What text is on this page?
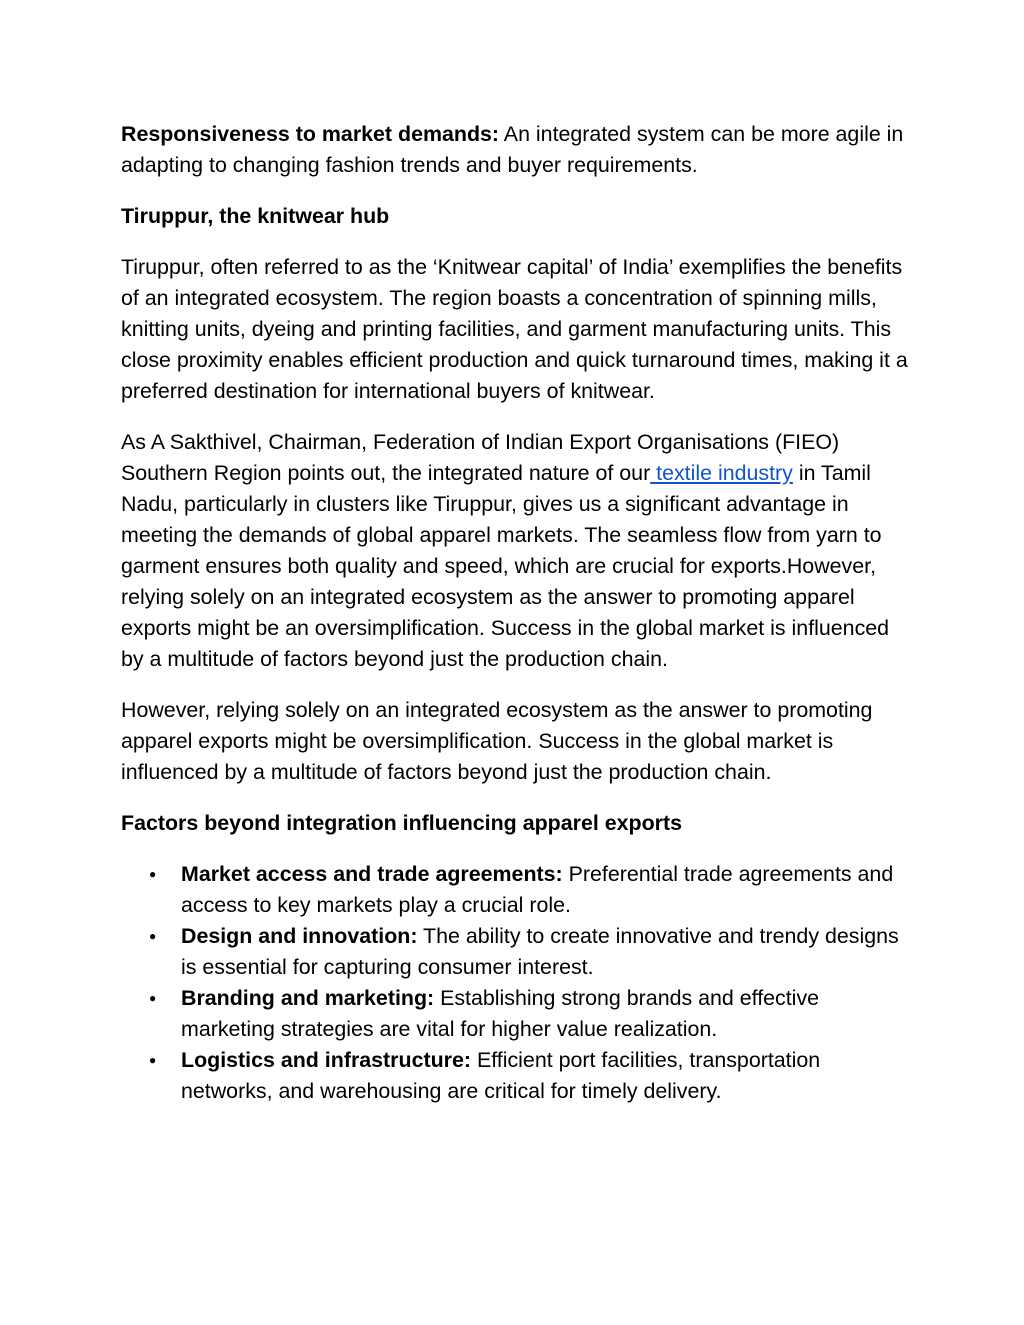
Responsiveness to market demands: An integrated system can be more agile in adapting to changing fashion trends and buyer requirements.

Tiruppur, the knitwear hub

Tiruppur, often referred to as the ‘Knitwear capital’ of India’ exemplifies the benefits of an integrated ecosystem. The region boasts a concentration of spinning mills, knitting units, dyeing and printing facilities, and garment manufacturing units. This close proximity enables efficient production and quick turnaround times, making it a preferred destination for international buyers of knitwear.

As A Sakthivel, Chairman, Federation of Indian Export Organisations (FIEO) Southern Region points out, the integrated nature of our textile industry in Tamil Nadu, particularly in clusters like Tiruppur, gives us a significant advantage in meeting the demands of global apparel markets. The seamless flow from yarn to garment ensures both quality and speed, which are crucial for exports.However, relying solely on an integrated ecosystem as the answer to promoting apparel exports might be an oversimplification. Success in the global market is influenced by a multitude of factors beyond just the production chain.

However, relying solely on an integrated ecosystem as the answer to promoting apparel exports might be oversimplification. Success in the global market is influenced by a multitude of factors beyond just the production chain.

Factors beyond integration influencing apparel exports

● Market access and trade agreements: Preferential trade agreements and access to key markets play a crucial role.
● Design and innovation: The ability to create innovative and trendy designs is essential for capturing consumer interest.
● Branding and marketing: Establishing strong brands and effective marketing strategies are vital for higher value realization.
● Logistics and infrastructure: Efficient port facilities, transportation networks, and warehousing are critical for timely delivery.
